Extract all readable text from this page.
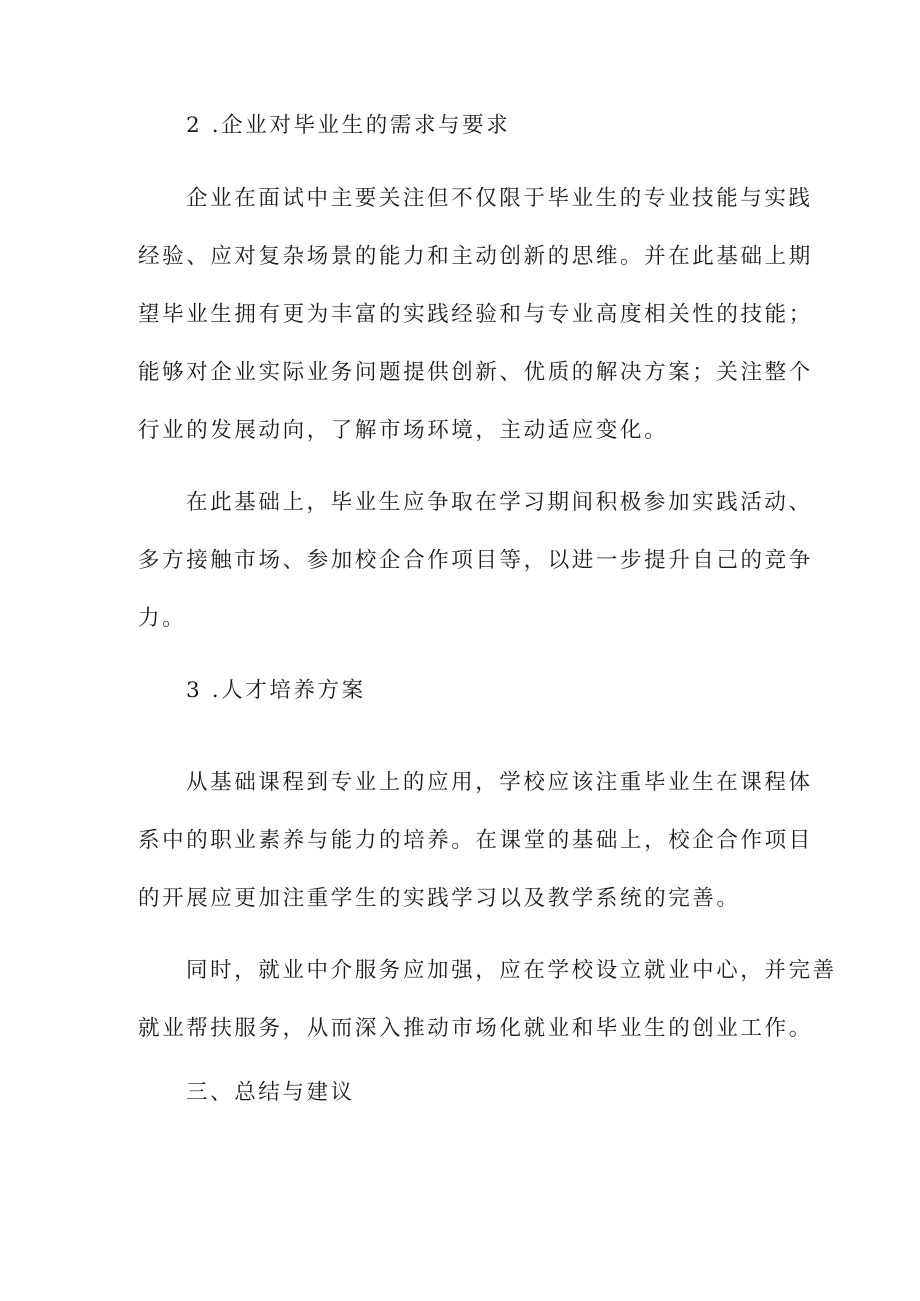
2 .企业对毕业生的需求与要求

企业在面试中主要关注但不仅限于毕业生的专业技能与实践
经验、应对复杂场景的能力和主动创新的思维。并在此基础上期
望毕业生拥有更为丰富的实践经验和与专业高度相关性的技能；
能够对企业实际业务问题提供创新、优质的解决方案；关注整个
行业的发展动向，了解市场环境，主动适应变化。
在此基础上，毕业生应争取在学习期间积极参加实践活动、
多方接触市场、参加校企合作项目等，以进一步提升自己的竞争
力。

3 .人才培养方案

从基础课程到专业上的应用，学校应该注重毕业生在课程体
系中的职业素养与能力的培养。在课堂的基础上，校企合作项目
的开展应更加注重学生的实践学习以及教学系统的完善。
同时，就业中介服务应加强，应在学校设立就业中心，并完善
就业帮扶服务，从而深入推动市场化就业和毕业生的创业工作。

三、总结与建议
